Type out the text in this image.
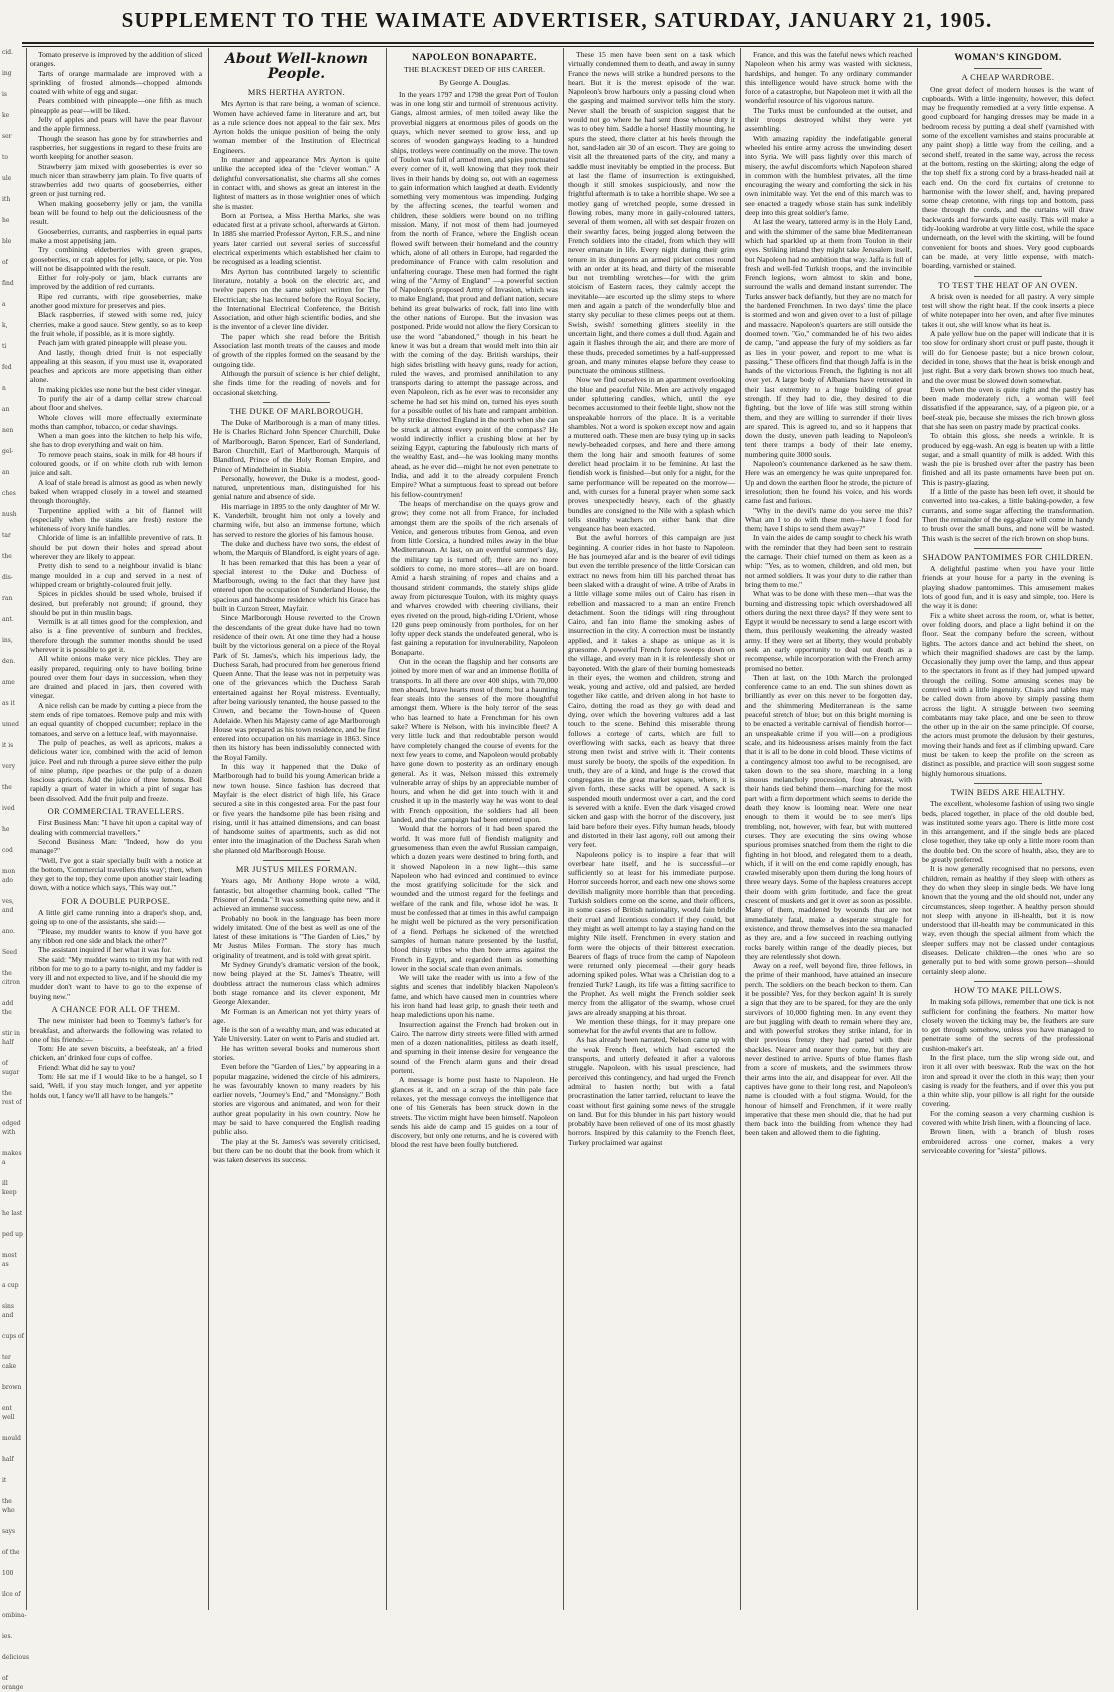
SUPPLEMENT TO THE WAIMATE ADVERTISER, SATURDAY, JANUARY 21, 1905.
cid.
ing
is
ke
ser
to
ule
ith
he
ble
of
find
a
k,
ti
fed
n
an
nen
gel-
an
ches
nush
tar
the
dis-
ran
ant.
ins,
den.
ame
as it
umed
it is
very
the
ived
he
cod
mon ado
ves, and
ano.
Seed
the citron
add the
stir in half
of sugar
the rest of
edged with
makes a
ill keep
he last
ped up
most as
a cup
sins and
cups of
ter cake
brown
ent well
mould
half
it
the who
says
of the
100
ilce of
ombina-
ies.
delicious
of orange

Tomato preserve is improved by the addition of sliced oranges.

Tarts of orange marmalade are improved with a sprinkling of frosted almonds—chopped almonds coated with white of egg and sugar.

Pears combined with pineapple—one fifth as much pineapple as pear—will be liked.

Jelly of apples and pears will have the pear flavour and the apple firmness.

Though the season has gone by for strawberries and raspberries, her suggestions in regard to these fruits are worth keeping for another season.

Strawberry jam mixed with gooseberries is ever so much nicer than strawberry jam plain. To five quarts of strawberries add two quarts of gooseberries, either green or just turning red.

When making gooseberry jelly or jam, the vanilla bean will be found to help out the deliciousness of the result.

Gooseberries, currants, and raspberries in equal parts make a most appetising jam.

Try combining elderberries with green grapes, gooseberries, or crab apples for jelly, sauce, or pie. You will not be disappointed with the result.

Either for roly-poly or jam, black currants are improved by the addition of red currants.

Ripe red currants, with ripe gooseberries, make another good mixture for preserves and pies.

Black raspberries, if stewed with some red, juicy cherries, make a good sauce. Stew gently, so as to keep the fruit whole, if possible, as it is more sightly.

Peach jam with grated pineapple will please you.

And lastly, though dried fruit is not especially appealing at this season, if you must use it, evaporated peaches and apricots are more appetising than either alone.

In making pickles use none but the best cider vinegar.

To purify the air of a damp cellar strew charcoal about floor and shelves.

Whole cloves will more effectually exterminate moths than camphor, tobacco, or cedar shavings.

When a man goes into the kitchen to help his wife, she has to drop everything and wait on him.

To remove peach stains, soak in milk for 48 hours if coloured goods, or if on white cloth rub with lemon juice and salt.

A loaf of stale bread is almost as good as when newly baked when wrapped closely in a towel and steamed through thoroughly.

Turpentine applied with a bit of flannel will (especially when the stains are fresh) restore the whiteness of ivory knife handles.

Chloride of lime is an infallible preventive of rats. It should be put down their holes and spread about wherever they are likely to appear.

Pretty dish to send to a neighbour invalid is blanc mange moulded in a cup and served in a nest of whipped cream or brightly-coloured fruit jelly.

Spices in pickles should be used whole, bruised if desired, but preferably not ground; if ground, they should be put in thin muslin bags.

Vermilk is at all times good for the complexion, and also is a fine preventive of sunburn and freckles, therefore through the summer months should be used wherever it is possible to get it.

All white onions make very nice pickles. They are easily prepared, requiring only to have boiling brine poured over them four days in succession, when they are drained and placed in jars, then covered with vinegar.

A nice relish can be made by cutting a piece from the stem ends of ripe tomatoes. Remove pulp and mix with an equal quantity of chopped cucumber; replace in the tomatoes, and serve on a lettuce leaf, with mayonnaise.

The pulp of peaches, as well as apricots, makes a delicious water ice, combined with the acid of lemon juice. Peel and rub through a puree sieve either the pulp of nine plump, ripe peaches or the pulp of a dozen luscious apricots. Add the juice of three lemons. Boil rapidly a quart of water in which a pint of sugar has been dissolved. Add the fruit pulp and freeze.

OR COMMERCIAL TRAVELLERS.

First Business Man: "I have hit upon a capital way of dealing with commercial travellers."

Second Business Man: "Indeed, how do you manage?"

"Well, I've got a stair specially built with a notice at the bottom, 'Commercial travellers this way'; then, when they get to the top, they come upon another stair leading down, with a notice which says, 'This way out.'"

FOR A DOUBLE PURPOSE.

A little girl came running into a draper's shop, and, going up to one of the assistants, she said:—

"Please, my mudder wants to know if you have got any ribbon red one side and black the other?"

The assistant inquired if her what it was for.

She said: "My mudder wants to trim my hat with red ribbon for me to go to a party to-night, and my fadder is very ill and not expected to live, and if he should die my mudder don't want to have to go to the expense of buying new."

A CHANCE FOR ALL OF THEM.

The new minister had been to Tommy's father's for breakfast, and afterwards the following was related to one of his friends:—

Tom: He ate seven biscuits, a beefsteak, an' a fried chicken, an' drinked four cups of coffee.

Friend: What did he say to you?

Tom: He sat me if I would like to be a hangel, so I said, 'Well, if you stay much longer, and yer appetite holds out, I fancy we'll all have to be hangels.'"

About Well-known People.
MRS HERTHA AYRTON.

Mrs Ayrton is that rare being, a woman of science. Women have achieved fame in literature and art, but as a rule science does not appeal to the fair sex. Mrs Ayrton holds the unique position of being the only woman member of the Institution of Electrical Engineers.

In manner and appearance Mrs Ayrton is quite unlike the accepted idea of the "clever woman." A delightful conversationalist, she charms all she comes in contact with, and shows as great an interest in the lightest of matters as in those weightier ones of which she is master.

Born at Portsea, a Miss Hertha Marks, she was educated first at a private school, afterwards at Girton. In 1885 she married Professor Ayrton, F.R.S., and nine years later carried out several series of successful electrical experiments which established her claim to be recognised as a leading scientist.

Mrs Ayrton has contributed largely to scientific literature, notably a book on the electric arc, and twelve papers on the same subject written for The Electrician; she has lectured before the Royal Society, the International Electrical Conference, the British Association, and other high scientific bodies, and she is the inventor of a clever line divider.

The paper which she read before the British Association last month treats of the causes and mode of growth of the ripples formed on the seasand by the outgoing tide.

Although the pursuit of science is her chief delight, she finds time for the reading of novels and for occasional sketching.

THE DUKE OF MARLBOROUGH.

The Duke of Marlborough is a man of many titles. He is Charles Richard John Spencer Churchill, Duke of Marlborough, Baron Spencer, Earl of Sunderland, Baron Churchill, Earl of Marlborough, Marquis of Blandford, Prince of the Holy Roman Empire, and Prince of Mindelheim in Suabia.

Personally, however, the Duke is a modest, good-natured, unpretentious man, distinguished for his genial nature and absence of side.

His marriage in 1895 to the only daughter of Mr W. K. Vanderbilt, brought him not only a lovely and charming wife, but also an immense fortune, which has served to restore the glories of his famous house.

The duke and duchess have two sons, the eldest of whom, the Marquis of Blandford, is eight years of age.

It has been remarked that this has been a year of special interest to the Duke and Duchess of Marlborough, owing to the fact that they have just entered upon the occupation of Sunderland House, the spacious and handsome residence which his Grace has built in Curzon Street, Mayfair.

Since Marlborough House reverted to the Crown the descendants of the great duke have had no town residence of their own. At one time they had a house built by the victorious general on a piece of the Royal Park of St. James's, which his imperious lady, the Duchess Sarah, had procured from her generous friend Queen Anne. That the lease was not in perpetuity was one of the grievances which the Duchess Sarah entertained against her Royal mistress. Eventually, after being variously tenanted, the house passed to the Crown, and became the Town-house of Queen Adelaide. When his Majesty came of age Marlborough House was prepared as his town residence, and he first entered into occupation on his marriage in 1863. Since then its history has been indissolubly connected with the Royal Family.

In this way it happened that the Duke of Marlborough had to build his young American bride a new town house. Since fashion has decreed that Mayfair is the elect district of high life, his Grace secured a site in this congested area. For the past four or five years the handsome pile has been rising and rising, until it has attained dimensions, and can boast of handsome suites of apartments, such as did not enter into the imagination of the Duchess Sarah when she planned old Marlborough House.

MR JUSTUS MILES FORMAN.

Years ago, Mr Anthony Hope wrote a wild, fantastic, but altogether charming book, called "The Prisoner of Zenda." It was something quite new, and it achieved an immense success.

Probably no book in the language has been more widely imitated. One of the best as well as one of the latest of these imitations is "The Garden of Lies," by Mr Justus Miles Forman. The story has much originality of treatment, and is told with great spirit.

Mr Sydney Grundy's dramatic version of the book, now being played at the St. James's Theatre, will doubtless attract the numerous class which admires both stage romance and its clever exponent, Mr George Alexander.

Mr Forman is an American not yet thirty years of age.

He is the son of a wealthy man, and was educated at Yale University. Later on went to Paris and studied art.

He has written several books and numerous short stories.

Even before the "Garden of Lies," by appearing in a popular magazine, widened the circle of his admirers, he was favourably known to many readers by his earlier novels, "Journey's End," and "Monsigny." Both stories are vigorous and animated, and won for their author great popularity in his own country. Now he may be said to have conquered the English reading public also.

The play at the St. James's was severely criticised, but there can be no doubt that the book from which it was taken deserves its success.

NAPOLEON BONAPARTE.
THE BLACKEST DEED OF HIS CAREER.
By George A. Douglas.

In the years 1797 and 1798 the great Port of Toulon was in one long stir and turmoil of strenuous activity. Gangs, almost armies, of men toiled away like the proverbial niggers at enormous piles of goods on the quays, which never seemed to grow less, and up scores of wooden gangways leading to a hundred ships, trotleys were continually on the move. The town of Toulon was full of armed men, and spies punctuated every corner of it, well knowing that they took their lives in their hands by doing so, out with an eagerness to gain information which laughed at death. Evidently something very momentous was impending. Judging by the affecting scenes, the tearful women and children, these soldiers were bound on no trifling mission. Many, if not most of them had journeyed from the north of France, where the English ocean flowed swift between their homeland and the country which, alone of all others in Europe, had regarded the predominance of France with calm resolution and unfaltering courage. These men had formed the right wing of the "Army of England" —a powerful section of Napoleon's proposed Army of Invasion, which was to make England, that proud and defiant nation, secure behind its great bulwarks of rock, fall into line with the other nations of Europe. But the invasion was postponed. Pride would not allow the fiery Corsican to use the word "abandoned," though in his heart he knew it was but a dream that would melt into thin air with the coming of the day. British warships, their high sides bristling with heavy guns, ready for action, ruled the waves, and promised annihilation to any transports daring to attempt the passage across, and even Napoleon, rich as he ever was to reconsider any scheme he had set his mind on, turned his eyes south for a possible outlet of his hate and rampant ambition. Why strike directed England in the north when she can be struck at almost every point of the compass? He would indirectly inflict a crushing blow at her by seizing Egypt, capturing the fabulously rich marts of the wealthy East, and—he was looking many months ahead, as he ever did—might he not even penetrate to India, and add it to the already corpulent French Empire? What a sumptuous feast to spread out before his fellow-countrymen!

The heaps of merchandise on the quays grow and grow; they come not all from France, for included amongst them are the spoils of the rich arsenals of Venice, and generous tributes from Genoa, and even from little Corsica, a hundred miles away in the blue Mediterranean. At last, on an eventful summer's day, the military tap is turned off; there are no more soldiers to come, no more stores—all are on board. Amid a harsh straining of ropes and chains and a thousand strident commands, the stately ships glide away from picturesque Toulon, with its mighty quays and wharves crowded with cheering civilians, their eyes riveted on the proud, high-riding L'Orient, whose 120 guns peep ominously from portholes, for on her lofty upper deck stands the undefeated general, who is fast gaining a reputation for invulnerability, Napoleon Bonaparte.

Out in the ocean the flagship and her consorts are joined by more men of war and an immense flotilla of transports. In all there are over 400 ships, with 70,000 men aboard, brave hearts most of them; but a haunting fear steals into the senses of the more thoughtful amongst them. Where is the holy terror of the seas who has learned to hate a Frenchman for his own sake? Where is Nelson, with his invincible fleet? A very little luck and that redoubtable person would have completely changed the course of events for the next few years to come, and Napoleon would probably have gone down to posterity as an ordinary enough general. As it was, Nelson missed this extremely vulnerable array of ships by an appreciable number of hours, and when he did get into touch with it and crushed it up in the masterly way he was wont to deal with French opposition, the soldiers had all been landed, and the campaign had been entered upon.

Would that the horrors of it had been spared the world. It was more full of fiendish malignity and gruesomeness than even the awful Russian campaign, which a dozen years were destined to bring forth, and it showed Napoleon in a new light—this same Napoleon who had evinced and continued to evince the most gratifying solicitude for the sick and wounded and the utmost regard for the feelings and welfare of the rank and file, whose idol he was. It must be confessed that at times in this awful campaign he might well be pictured as the very personification of a fiend. Perhaps he sickened of the wretched samples of human nature presented by the lustful, blood thirsty tribes who then bore arms against the French in Egypt, and regarded them as something lower in the social scale than even animals.

We will take the reader with us into a few of the sights and scenes that indelibly blacken Napoleon's fame, and which have caused men in countries where his iron hand had least grip, to gnash their teeth and heap maledictions upon his name.

Insurrection against the French had broken out in Cairo. The narrow dirty streets were filled with armed men of a dozen nationalities, pitiless as death itself, and spurning in their intense desire for vengeance the sound of the French alarm guns and their dread portent.

A message is borne post haste to Napoleon. He glances at it, and on a scrap of the thin pale face relaxes, yet the message conveys the intelligence that one of his Generals has been struck down in the streets. The victim might have been himself. Napoleon sends his aide de camp and 15 guides on a tour of discovery, but only one returns, and he is covered with blood the rest have been foully butchered.

These 15 men have been sent on a task which virtually condemned them to death, and away in sunny France the news will strike a hundred persons to the heart. But it is the merest episode of the war. Napoleon's brow harbours only a passing cloud when the gasping and maimed survivor tells him the story. Never shall the breath of suspicion suggest that he would not go where he had sent those whose duty it was to obey him. Saddle a horse! Hastily mounting, he spurs the steed, there clatter at his heels through the hot, sand-laden air 30 of an escort. They are going to visit all the threatened parts of the city, and many a saddle must inevitably be emptied in the process. But at last the flame of insurrection is extinguished, though it still smokes suspiciously, and now the frightful aftermath is to take a horrible shape. We see a motley gang of wretched people, some dressed in flowing robes, many more in gaily-coloured tatters, several of them women, all with set despair frozen on their swarthy faces, being jogged along between the French soldiers into the citadel, from which they will never emanate in life. Every night during their grim tenure in its dungeons an armed picket comes round with an order at its head, and thirty of the miserable but not trembling wretches—for with the grim stoicism of Eastern races, they calmly accept the inevitable—are escorted up the slimy steps to where men and again a patch of the wonderfully blue and starry sky peculiar to these climes peeps out at them. Swish, swish! something glitters steelily in the uncertain light, and there comes a dull thud. Again and again it flashes through the air, and there are more of these thuds, preceded sometimes by a half-suppressed groan, and many minutes elapse before they cease to punctuate the ominous stillness.

Now we find ourselves in an apartment overlooking the blue and peaceful Nile. Men are actively engaged under spluttering candles, which, until the eye becomes accustomed to their feeble light, show not the unspeakable horrors of the place. It is a veritable shambles. Not a word is spoken except now and again a muttered oath. These men are busy tying up in sacks newly-beheaded corpses, and here and there among them the long hair and smooth features of some derelict head proclaim it to be feminine. At last the fiendish work is finished—but only for a night, for the same performance will be repeated on the morrow—and, with curses for a funeral prayer when some sack proves unexpectedly heavy, each of the ghastly bundles are consigned to the Nile with a splash which tells stealthy watchers on either bank that dire vengeance has been exacted.

But the awful horrors of this campaign are just beginning. A courier rides in hot haste to Napoleon. He has journeyed afar and is the bearer of evil tidings but even the terrible presence of the little Corsican can extract no news from him till his parched throat has been slaked with a draught of wine. A tribe of Arabs in a little village some miles out of Cairo has risen in rebellion and massacred to a man an entire French detachment. Soon the tidings will ring throughout Cairo, and fan into flame the smoking ashes of insurrection in the city. A correction must be instantly applied, and it takes a shape as unique as it is gruesome. A powerful French force sweeps down on the village, and every man in it is relentlessly shot or bayoneted. With the glare of their burning homesteads in their eyes, the women and children, strong and weak, young and active, old and palsied, are herded together like cattle, and driven along in hot haste to Cairo, dotting the road as they go with dead and dying, over which the hovering vultures add a last touch to the scene. Behind this miserable throng follows a cortege of carts, which are full to overflowing with sacks, each as heavy that three strong men twist and strive with it. Their contents must surely be booty, the spoils of the expedition. In truth, they are of a kind, and huge is the crowd that congregates in the great market square, where, it is given forth, these sacks will be opened. A sack is suspended mouth undermost over a cart, and the cord is severed with a knife. Even the dark visaged crowd sicken and gasp with the horror of the discovery, just laid bare before their eyes. Fifty human heads, bloody and distorted in their last agony, roll out among their very feet.

Napoleons policy is to inspire a fear that will overbear hate itself, and he is successful—or sufficiently so at least for his immediate purpose. Horror succeeds horror, and each new one shows some devilish malignity more horrible than that preceding. Turkish soldiers come on the scene, and their officers, in some cases of British nationality, would fain bridle their cruel and licentious conduct if they could, but they might as well attempt to lay a staying hand on the mighty Nile itself. Frenchmen in every station and form were the objects of their bitterest execration. Bearers of flags of truce from the camp of Napoleon were returned only piecemeal —their gory heads adorning spiked poles. What was a Christian dog to a frenzied Turk? Laugh, its life was a fitting sacrifice to the Prophet. As well might the French soldier seek mercy from the alligator of the swamp, whose cruel jaws are already snapping at his throat.

We mention these things, for it may prepare one somewhat for the awful events that are to follow.

As has already been narrated, Nelson came up with the weak French fleet, which had escorted the transports, and utterly defeated it after a valorous struggle. Napoleon, with his usual prescience, had perceived this contingency, and had urged the French admiral to hasten north; but with a fatal procrastination the latter tarried, reluctant to leave the coast without first gaining some news of the struggle on land. But for this blunder in his part history would probably have been relieved of one of its most ghastly horrors. Inspired by this calamity to the French fleet, Turkey proclaimed war against

France, and this was the fateful news which reached Napoleon when his army was wasted with sickness, hardships, and hunger. To any ordinary commander this intelligence would have struck home with the force of a catastrophe, but Napoleon met it with all the wonderful resource of his vigorous nature.

The Turks must be confounded at the outset, and their troops destroyed whilst they were yet assembling.

With amazing rapidity the indefatigable general wheeled his entire army across the unwinding desert into Syria. We will pass lightly over this march of misery, the awful discomforts which Napoleon shared in common with the humblest privates, all the time encouraging the weary and comforting the sick in his own inimitable way. Yet the end of this march was to see enacted a tragedy whose stain has sunk indelibly deep into this great soldier's fame.

At last the weary, tattered army is in the Holy Land, and with the shimmer of the same blue Mediterranean which had sparkled up at them from Toulon in their eyes. Striking inland they might take Jerusalem itself, but Napoleon had no ambition that way. Jaffa is full of fresh and well-fed Turkish troops, and the invincible French legions, worn almost to skin and bone, surround the walls and demand instant surrender. The Turks answer back defiantly, but they are no match for the hardened Frenchmen. In two days' time the place is stormed and won and given over to a lust of pillage and massacre. Napoleon's quarters are still outside the doomed town. "Go," commanded he of his two aides de camp, "and appease the fury of my soldiers as far as lies in your power, and report to me what is passing." These officers find that though Jaffa is in the hands of the victorious French, the fighting is not all over yet. A large body of Albanians have retreated in their last extremity to a huge building of great strength. If they had to die, they desired to die fighting, but the love of life was still strong within them, and they are willing to surrender if their lives are spared. This is agreed to, and so it happens that down the dusty, uneven path leading to Napoleon's tent there tramps a body of their late enemy, numbering quite 3000 souls.

Napoleon's countenance darkened as he saw them. Here was an emergency he was quite unprepared for. Up and down the earthen floor he strode, the picture of irresolution; then he found his voice, and his words came fast and furious.

"Why in the devil's name do you serve me this? What am I to do with these men—have I food for them; have I ships to send them away?"

In vain the aides de camp sought to check his wrath with the reminder that they had been sent to restrain the carnage. Their chief turned on them as keen as a whip: "Yes, as to women, children, and old men, but not armed soldiers. It was your duty to die rather than bring them to me."

What was to be done with these men—that was the burning and distressing topic which overshadowed all others during the next three days? If they were sent to Egypt it would be necessary to send a large escort with them, thus perilously weakening the already wasted army. If they were set at liberty, they would probably seek an early opportunity to deal out death as a recompense, while incorporation with the French army promised no better.

Then at last, on the 10th March the prolonged conference came to an end. The sun shines down as brilliantly as ever on this never to be forgotten day, and the shimmering Mediterranean is the same peaceful stretch of blue; but on this bright morning is to be enacted a veritable carnival of fiendish horror—an unspeakable crime if you will—on a prodigious scale, and its hideousness arises mainly from the fact that it is all to be done in cold blood. These victims of a contingency almost too awful to be recognised, are taken down to the sea shore, marching in a long sinuous melancholy procession, four abreast, with their hands tied behind them—marching for the most part with a firm deportment which seems to deride the death they know is looming near. Were one near enough to them it would be to see men's lips trembling, not, however, with fear, but with muttered curses. They are executing the sins owing whose spurious promises snatched from them the right to die fighting in hot blood, and relegated them to a death, which, if it will on the end come rapidly enough, has crawled miserably upon them during the long hours of three weary days. Some of the hapless creatures accept their doom with grim fortitude, and face the great crescent of muskets and get it over as soon as possible. Many of them, maddened by wounds that are not immediately fatal, make a desperate struggle for existence, and throw themselves into the sea manacled as they are, and a few succeed in reaching outlying rocks barely within range of the deadly pieces, but they are relentlessly shot down.

Away on a reef, well beyond fire, three fellows, in the prime of their manhood, have attained an insecure perch. The soldiers on the beach beckon to them. Can it be possible? Yes, for they beckon again! It is surely a sign that they are to be spared, for they are the only survivors of 10,000 fighting men. In any event they are but juggling with death to remain where they are, and with powerful strokes they strike inland, for in their previous frenzy they had parted with their shackles. Nearer and nearer they come, but they are never destined to arrive. Spurts of blue flames flash from a score of muskets, and the swimmers throw their arms into the air, and disappear for ever. All the captives have gone to their long rest, and Napoleon's name is clouded with a foul stigma. Would, for the honour of himself and Frenchmen, if it were really imperative that these men should die, that he had put them back into the building from whence they had been taken and allowed them to die fighting.

WOMAN'S KINGDOM.
A CHEAP WARDROBE.

One great defect of modern houses is the want of cupboards. With a little ingenuity, however, this defect may be frequently remedied at a very little expense. A good cupboard for hanging dresses may be made in a bedroom recess by putting a deal shelf (varnished with some of the excellent varnishes and stains procurable at any paint shop) a little way from the ceiling, and a second shelf, treated in the same way, across the recess at the bottom, resting on the skirting; along the edge of the top shelf fix a strong cord by a brass-headed nail at each end. On the cord fix curtains of cretonne to harmonise with the lower shelf, and, having prepared some cheap cretonne, with rings top and bottom, pass these through the cords, and the curtains will draw backwards and forwards quite easily. This will make a tidy-looking wardrobe at very little cost, while the space underneath, on the level with the skirting, will be found convenient for boots and shoes. Very good cupboards can be made, at very little expense, with match-boarding, varnished or stained.

TO TEST THE HEAT OF AN OVEN.

A brisk oven is needed for all pastry. A very simple test will show the right heat. If the cook inserts a piece of white notepaper into her oven, and after five minutes takes it out, she will know what its heat is.

A pale yellow hue on the paper will indicate that it is too slow for ordinary short crust or puff paste, though it will do for Genoese paste; but a nice brown colour, decided in tone, shows that the heat is brisk enough and just right. But a very dark brown shows too much heat, and the over must be slowed down somewhat.

Even when the oven is quite right and the pastry has been made moderately rich, a woman will feel dissatisfied if the appearance, say, of a pigeon pie, or a beef-steak pie, because she misses the rich brown gloss that she has seen on pastry made by practical cooks.

To obtain this gloss, she needs a wrinkle. It is produced by egg-wash. An egg is beaten up with a little sugar, and a small quantity of milk is added. With this wash the pie is brushed over after the pastry has been finished and all its paste ornaments have been put on. This is pastry-glazing.

If a little of the paste has been left over, it should be converted into tea-cakes, a little baking-powder, a few currants, and some sugar affecting the transformation. Then the remainder of the egg-glaze will come in handy to brush over the small buns, and none will be wasted. This wash is the secret of the rich brown on shop buns.

SHADOW PANTOMIMES FOR CHILDREN.

A delightful pastime when you have your little friends at your house for a party in the evening is playing shadow pantomimes. This amusement makes lots of good fun, and it is easy and simple, too. Here is the way it is done:

Fix a white sheet across the room, or, what is better, over folding doors, and place a light behind it on the floor. Seat the company before the screen, without lights. The actors dance and act behind the sheet, on which their magnified shadows are cast by the lamp. Occasionally they jump over the lamp, and thus appear to the spectators in front as if they had jumped upward through the ceiling. Some amusing scenes may be contrived with a little ingenuity. Chairs and tables may be called down from above by simply passing them across the light. A struggle between two seeming combatants may take place, and one be seen to throw the other up in the air on the same principle. Of course, the actors must promote the delusion by their gestures, moving their hands and feet as if climbing upward. Care must be taken to keep the profile on the screen as distinct as possible, and practice will soon suggest some highly humorous situations.

TWIN BEDS ARE HEALTHY.

The excellent, wholesome fashion of using two single beds, placed together, in place of the old double bed, was instituted some years ago. There is little more cost in this arrangement, and if the single beds are placed close together, they take up only a little more room than the double bed. On the score of health, also, they are to be greatly preferred.

It is now generally recognised that no persons, even children, remain as healthy if they sleep with others as they do when they sleep in single beds. We have long known that the young and the old should not, under any circumstances, sleep together. A healthy person should not sleep with anyone in ill-health, but it is now understood that ill-health may be communicated in this way, even though the special ailment from which the sleeper suffers may not be classed under contagious diseases. Delicate children—the ones who are so generally put to bed with some grown person—should certainly sleep alone.

HOW TO MAKE PILLOWS.

In making sofa pillows, remember that one tick is not sufficient for confining the feathers. No matter how closely woven the ticking may be, the feathers are sure to get through somehow, unless you have managed to penetrate some of the secrets of the professional cushion-maker's art.

In the first place, turn the slip wrong side out, and iron it all over with beeswax. Rub the wax on the hot iron and spread it over the cloth in this way; then your casing is ready for the feathers, and if over this you put a thin white slip, your pillow is all right for the outside covering.

For the coming season a very charming cushion is covered with white Irish linen, with a flouncing of lace.

Brown linen, with a branch of blush roses embroidered across one corner, makes a very serviceable covering for "siesta" pillows.
